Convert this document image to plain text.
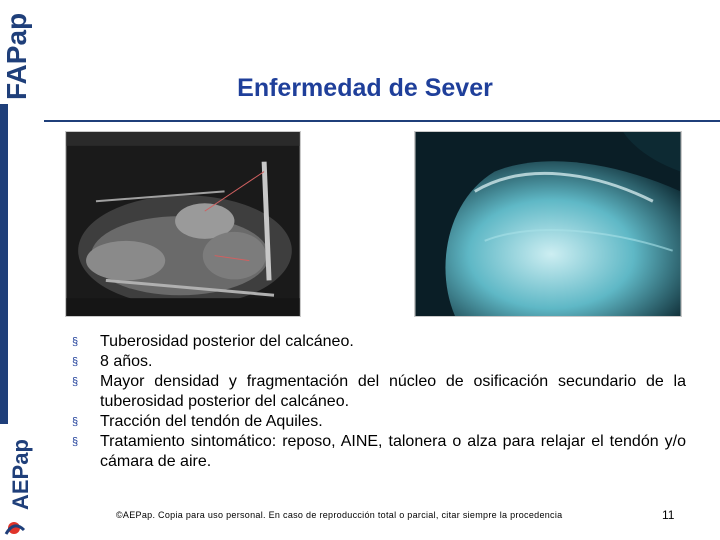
FAPap
AEPap
Enfermedad de Sever
§ Tuberosidad posterior del calcáneo.
§ 8 años.
§ Mayor densidad y fragmentación del núcleo de osificación secundario de la tuberosidad posterior del calcáneo.
§ Tracción del tendón de Aquiles.
§ Tratamiento sintomático: reposo, AINE, talonera o alza para relajar el tendón y/o cámara de aire.
©AEPap. Copia para uso personal. En caso de reproducción total o parcial, citar siempre la procedencia	11
